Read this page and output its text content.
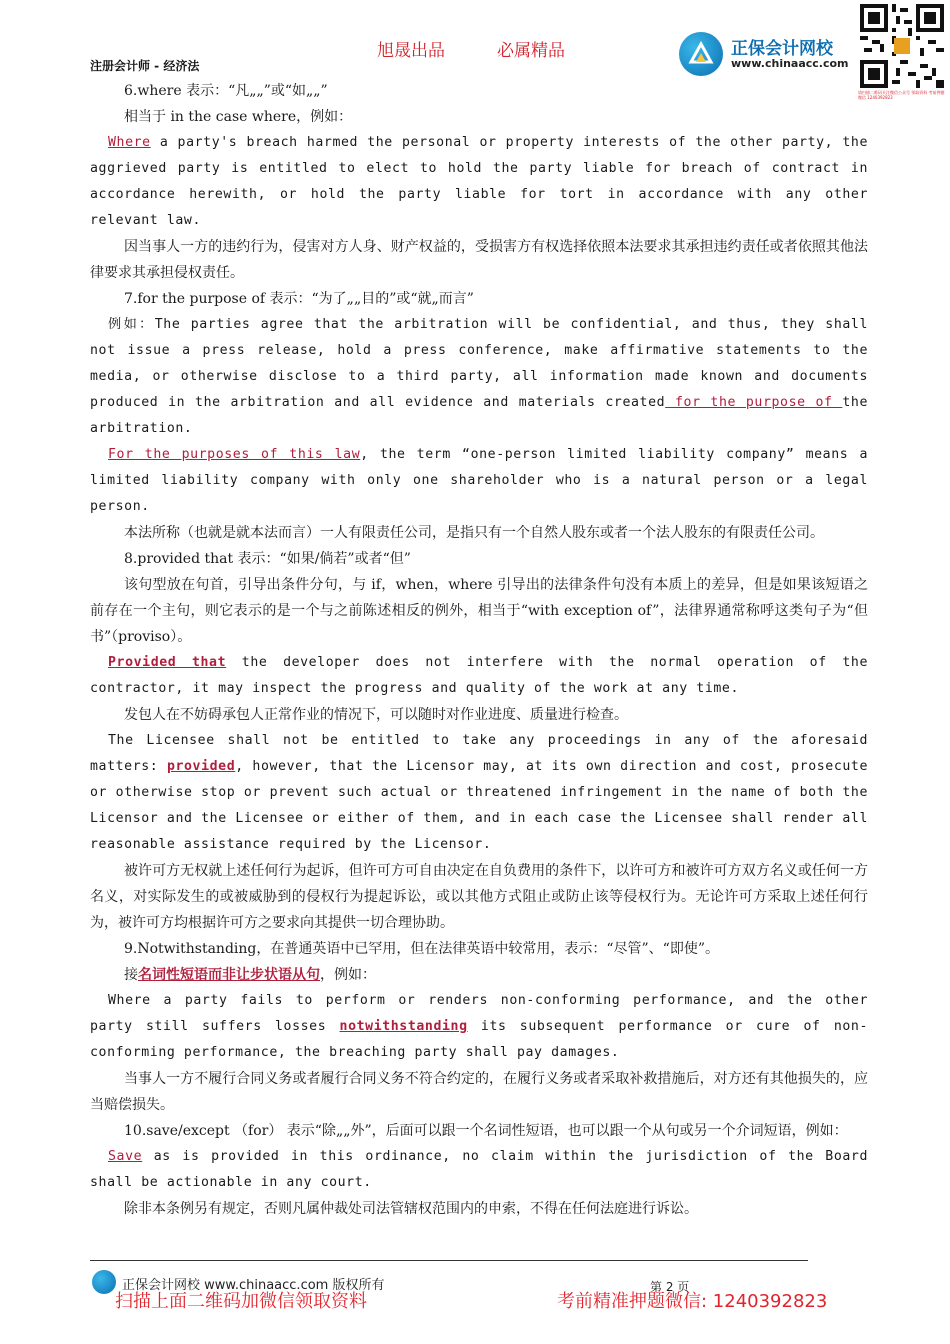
旭晟出品	必属精品
注册会计师 - 经济法
正保会计网校
www.chinaacc.com
请扫描二维码关注微信公众号 领取资料 考前押题微信 1240392823

6.where 表示：“凡„„”或“如„„”

相当于 in the case where，例如：

Where a party's breach harmed the personal or property interests of the other party, the aggrieved party is entitled to elect to hold the party liable for breach of contract in accordance herewith, or hold the party liable for tort in accordance with any other relevant law.

因当事人一方的违约行为，侵害对方人身、财产权益的，受损害方有权选择依照本法要求其承担违约责任或者依照其他法律要求其承担侵权责任。

7.for the purpose of 表示：“为了„„目的”或“就„而言”

例如：The parties agree that the arbitration will be confidential, and thus, they shall not issue a press release, hold a press conference, make affirmative statements to the media, or otherwise disclose to a third party, all information made known and documents produced in the arbitration and all evidence and materials created for the purpose of the arbitration.

For the purposes of this law, the term “one-person limited liability company” means a limited liability company with only one shareholder who is a natural person or a legal person.

本法所称（也就是就本法而言）一人有限责任公司，是指只有一个自然人股东或者一个法人股东的有限责任公司。

8.provided that 表示：“如果/倘若”或者“但”

该句型放在句首，引导出条件分句，与 if，when，where 引导出的法律条件句没有本质上的差异，但是如果该短语之前存在一个主句，则它表示的是一个与之前陈述相反的例外，相当于“with exception of”，法律界通常称呼这类句子为“但书”（proviso）。

Provided that the developer does not interfere with the normal operation of the contractor, it may inspect the progress and quality of the work at any time.

发包人在不妨碍承包人正常作业的情况下，可以随时对作业进度、质量进行检查。

The Licensee shall not be entitled to take any proceedings in any of the aforesaid matters: provided, however, that the Licensor may, at its own direction and cost, prosecute or otherwise stop or prevent such actual or threatened infringement in the name of both the Licensor and the Licensee or either of them, and in each case the Licensee shall render all reasonable assistance required by the Licensor.

被许可方无权就上述任何行为起诉，但许可方可自由决定在自负费用的条件下，以许可方和被许可方双方名义或任何一方名义，对实际发生的或被威胁到的侵权行为提起诉讼，或以其他方式阻止或防止该等侵权行为。无论许可方采取上述任何行为，被许可方均根据许可方之要求向其提供一切合理协助。

9.Notwithstanding，在普通英语中已罕用，但在法律英语中较常用，表示：“尽管”、“即使”。

接名词性短语而非让步状语从句，例如：

Where a party fails to perform or renders non-conforming performance, and the other party still suffers losses notwithstanding its subsequent performance or cure of non-conforming performance, the breaching party shall pay damages.

当事人一方不履行合同义务或者履行合同义务不符合约定的，在履行义务或者采取补救措施后，对方还有其他损失的，应当赔偿损失。

10.save/except （for） 表示“除„„外”，后面可以跟一个名词性短语，也可以跟一个从句或另一个介词短语，例如：

Save as is provided in this ordinance, no claim within the jurisdiction of the Board shall be actionable in any court.

除非本条例另有规定，否则凡属仲裁处司法管辖权范围内的申索，不得在任何法庭进行诉讼。

正保会计网校 www.chinaacc.com 版权所有	第 2 页
扫描上面二维码加微信领取资料	考前精准押题微信: 1240392823
